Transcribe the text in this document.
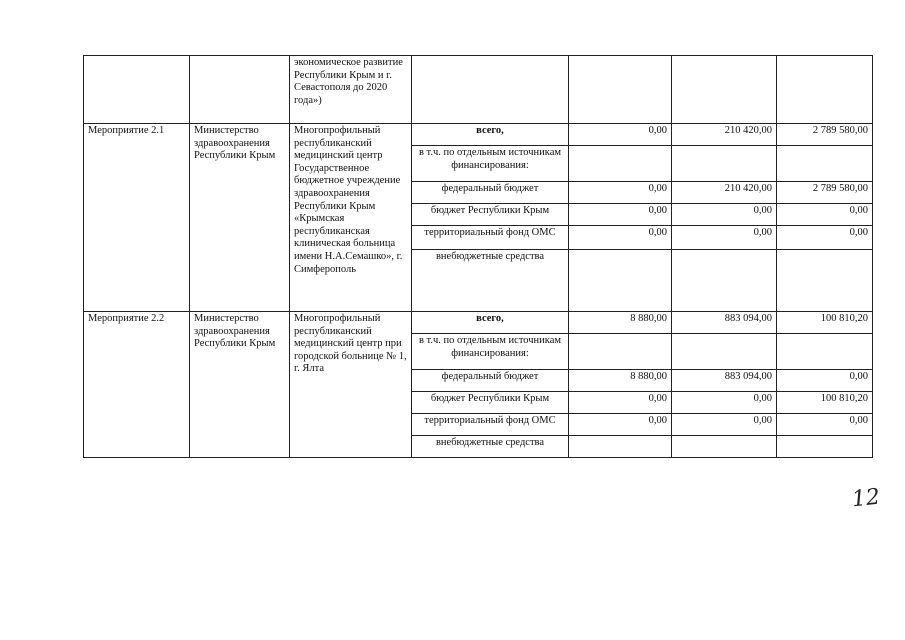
		экономическое развитие Республики Крым и г. Севастополя до 2020 года»)				
Мероприятие 2.1	Министерство здравоохранения Республики Крым	Многопрофильный республиканский медицинский центр Государственное бюджетное учреждение здравоохранения Республики Крым «Крымская республиканская клиническая больница имени Н.А.Семашко», г. Симферополь	всего,	0,00	210 420,00	2 789 580,00
			в т.ч. по отдельным источникам финансирования:			
			федеральный бюджет	0,00	210 420,00	2 789 580,00
			бюджет Республики Крым	0,00	0,00	0,00
			территориальный фонд ОМС	0,00	0,00	0,00
			внебюджетные средства			
Мероприятие 2.2	Министерство здравоохранения Республики Крым	Многопрофильный республиканский медицинский центр при городской больнице № 1, г. Ялта	всего,	8 880,00	883 094,00	100 810,20
			в т.ч. по отдельным источникам финансирования:			
			федеральный бюджет	8 880,00	883 094,00	0,00
			бюджет Республики Крым	0,00	0,00	100 810,20
			территориальный фонд ОМС	0,00	0,00	0,00
			внебюджетные средства			
12
